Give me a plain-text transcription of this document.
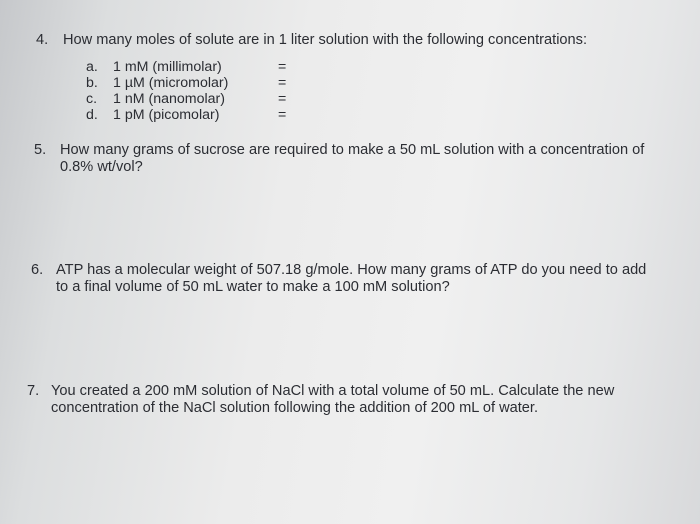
4. How many moles of solute are in 1 liter solution with the following concentrations:

a.	1 mM (millimolar)	=
b.	1 µM (micromolar)	=
c.	1 nM (nanomolar)	=
d.	1 pM (picomolar)	=
5. How many grams of sucrose are required to make a 50 mL solution with a concentration of
0.8% wt/vol?

6. ATP has a molecular weight of 507.18 g/mole. How many grams of ATP do you need to add
to a final volume of 50 mL water to make a 100 mM solution?

7. You created a 200 mM solution of NaCl with a total volume of 50 mL. Calculate the new
concentration of the NaCl solution following the addition of 200 mL of water.
